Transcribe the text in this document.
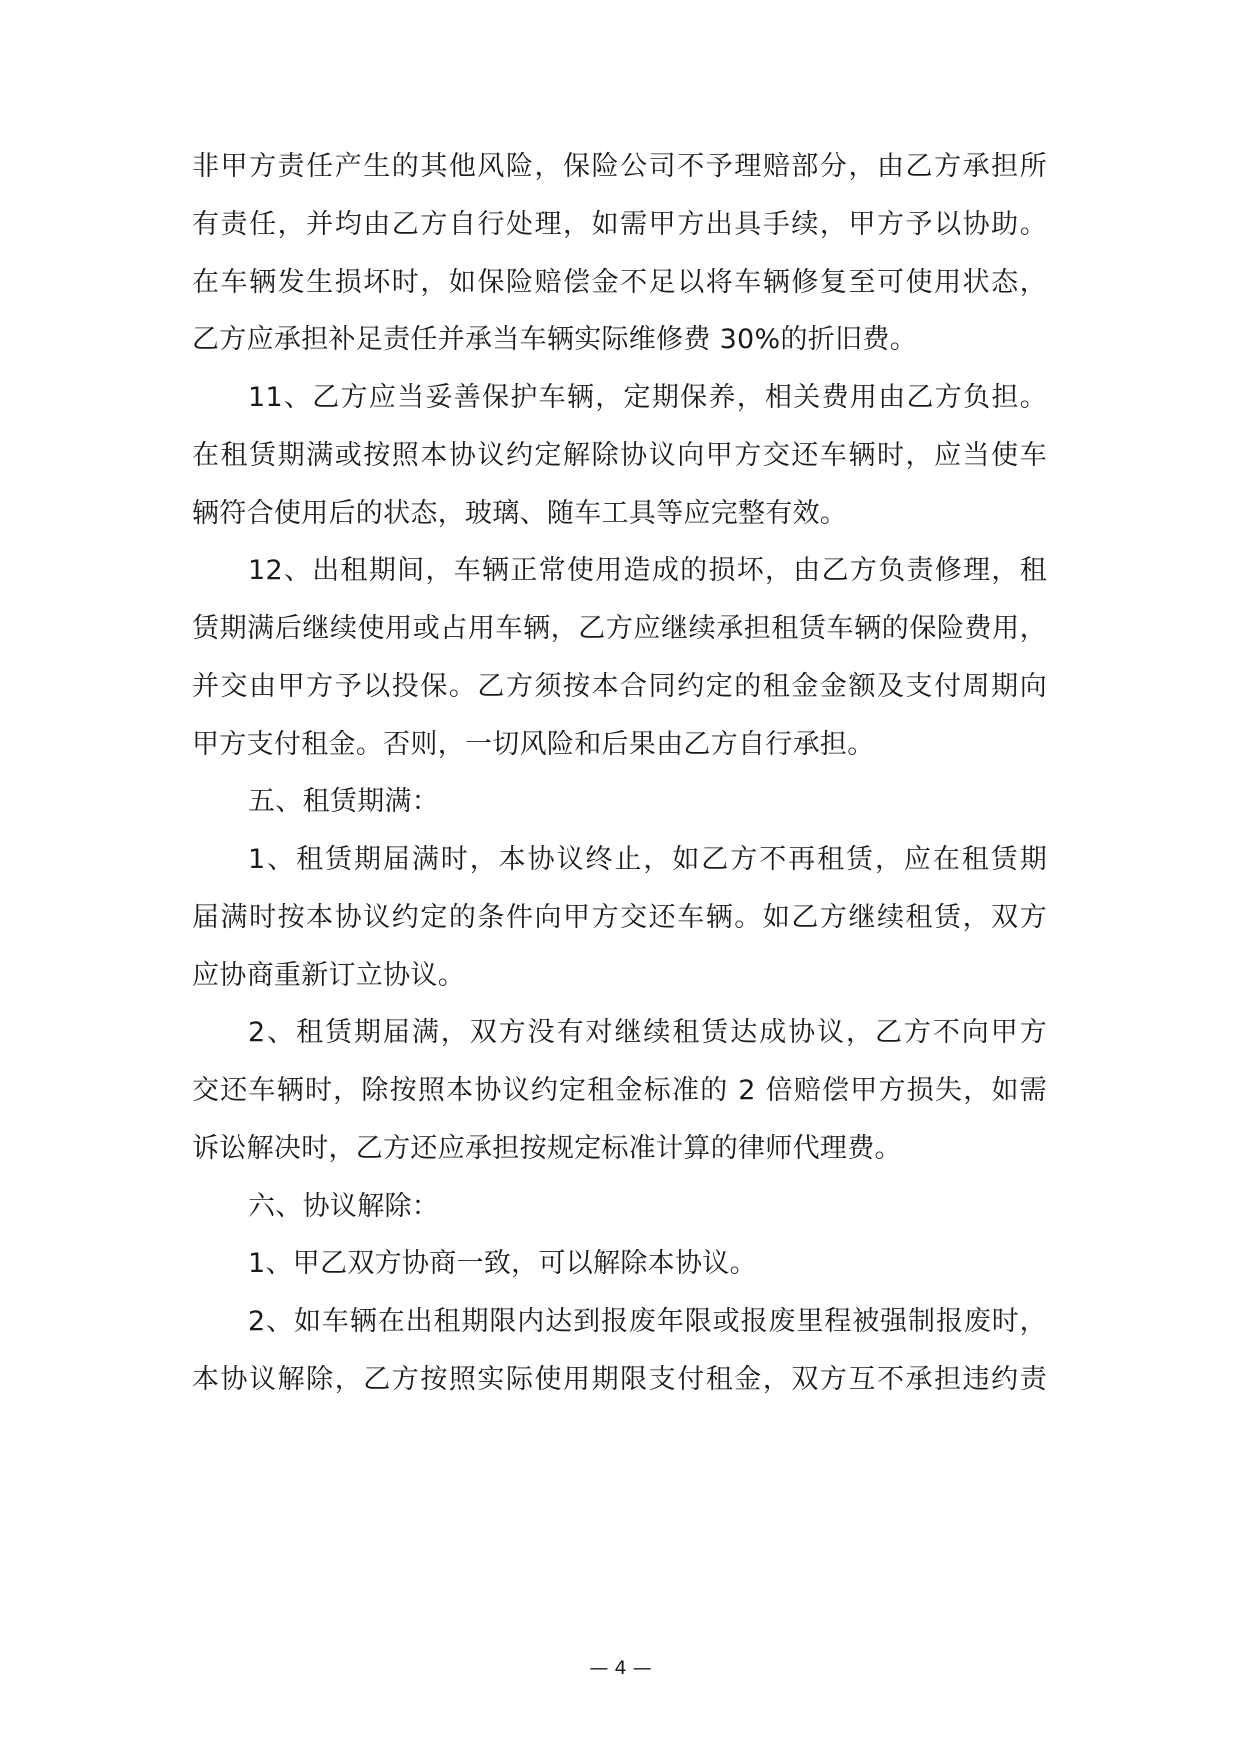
非甲方责任产生的其他风险，保险公司不予理赔部分，由乙方承担所
有责任，并均由乙方自行处理，如需甲方出具手续，甲方予以协助。
在车辆发生损坏时，如保险赔偿金不足以将车辆修复至可使用状态，
乙方应承担补足责任并承当车辆实际维修费 30%的折旧费。
11、乙方应当妥善保护车辆，定期保养，相关费用由乙方负担。
在租赁期满或按照本协议约定解除协议向甲方交还车辆时，应当使车
辆符合使用后的状态，玻璃、随车工具等应完整有效。
12、出租期间，车辆正常使用造成的损坏，由乙方负责修理，租
赁期满后继续使用或占用车辆，乙方应继续承担租赁车辆的保险费用，
并交由甲方予以投保。乙方须按本合同约定的租金金额及支付周期向
甲方支付租金。否则，一切风险和后果由乙方自行承担。
五、租赁期满：
1、租赁期届满时，本协议终止，如乙方不再租赁，应在租赁期
届满时按本协议约定的条件向甲方交还车辆。如乙方继续租赁，双方
应协商重新订立协议。
2、租赁期届满，双方没有对继续租赁达成协议，乙方不向甲方
交还车辆时，除按照本协议约定租金标准的 2 倍赔偿甲方损失，如需
诉讼解决时，乙方还应承担按规定标准计算的律师代理费。
六、协议解除：
1、甲乙双方协商一致，可以解除本协议。
2、如车辆在出租期限内达到报废年限或报废里程被强制报废时，
本协议解除，乙方按照实际使用期限支付租金，双方互不承担违约责
— 4 —
